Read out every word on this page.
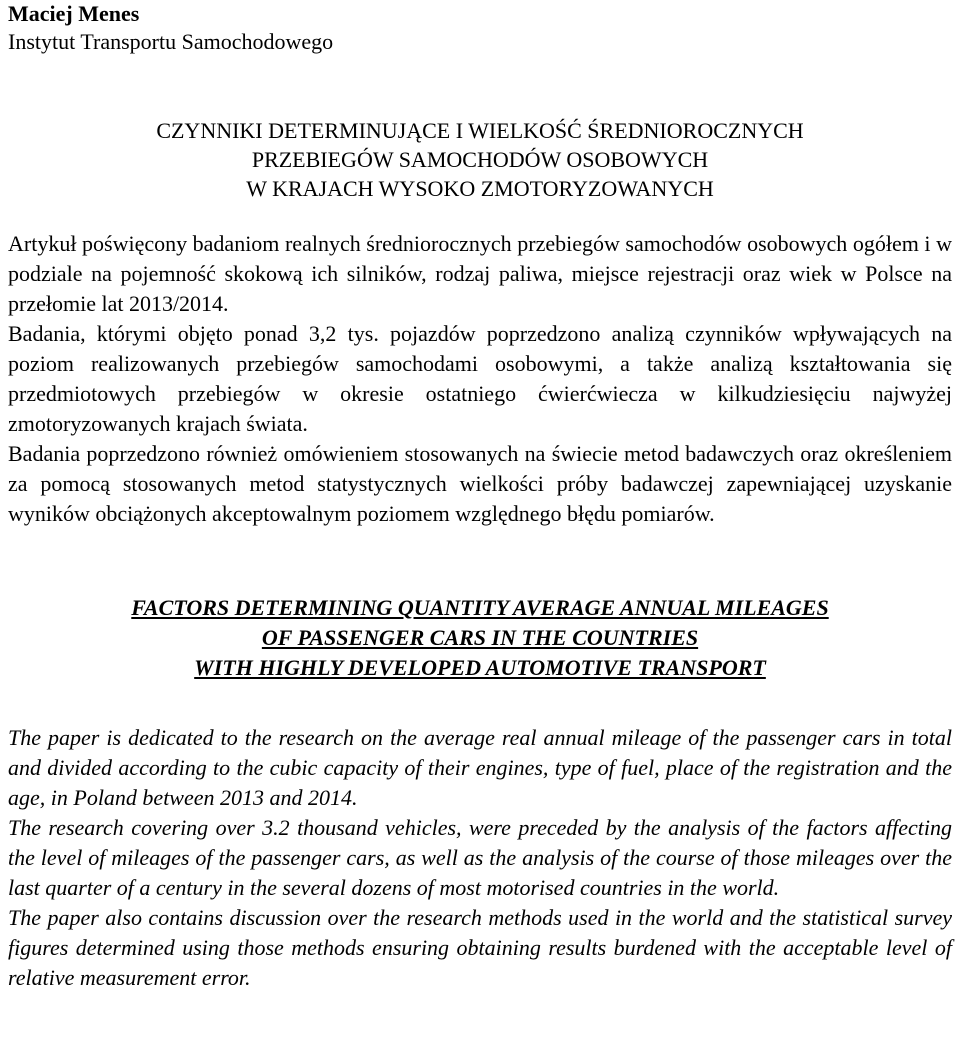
Maciej Menes
Instytut Transportu Samochodowego
CZYNNIKI DETERMINUJĄCE I WIELKOŚĆ ŚREDNIOROCZNYCH
PRZEBIEGÓW SAMOCHODÓW OSOBOWYCH
W KRAJACH WYSOKO ZMOTORYZOWANYCH

Artykuł poświęcony badaniom realnych średniorocznych przebiegów samochodów osobowych ogółem i w podziale na pojemność skokową ich silników, rodzaj paliwa, miejsce rejestracji oraz wiek w Polsce na przełomie lat 2013/2014.

Badania, którymi objęto ponad 3,2 tys. pojazdów poprzedzono analizą czynników wpływających na poziom realizowanych przebiegów samochodami osobowymi, a także analizą kształtowania się przedmiotowych przebiegów w okresie ostatniego ćwierćwiecza w kilkudziesięciu najwyżej zmotoryzowanych krajach świata.

Badania poprzedzono również omówieniem stosowanych na świecie metod badawczych oraz określeniem za pomocą stosowanych metod statystycznych wielkości próby badawczej zapewniającej uzyskanie wyników obciążonych akceptowalnym poziomem względnego błędu pomiarów.

FACTORS DETERMINING QUANTITY AVERAGE ANNUAL MILEAGES
OF PASSENGER CARS IN THE COUNTRIES
WITH HIGHLY DEVELOPED AUTOMOTIVE TRANSPORT

The paper is dedicated to the research on the average real annual mileage of the passenger cars in total and divided according to the cubic capacity of their engines, type of fuel, place of the registration and the age, in Poland between 2013 and 2014.

The research covering over 3.2 thousand vehicles, were preceded by the analysis of the factors affecting the level of mileages of the passenger cars, as well as the analysis of the course of those mileages over the last quarter of a century in the several dozens of most motorised countries in the world.

The paper also contains discussion over the research methods used in the world and the statistical survey figures determined using those methods ensuring obtaining results burdened with the acceptable level of relative measurement error.
